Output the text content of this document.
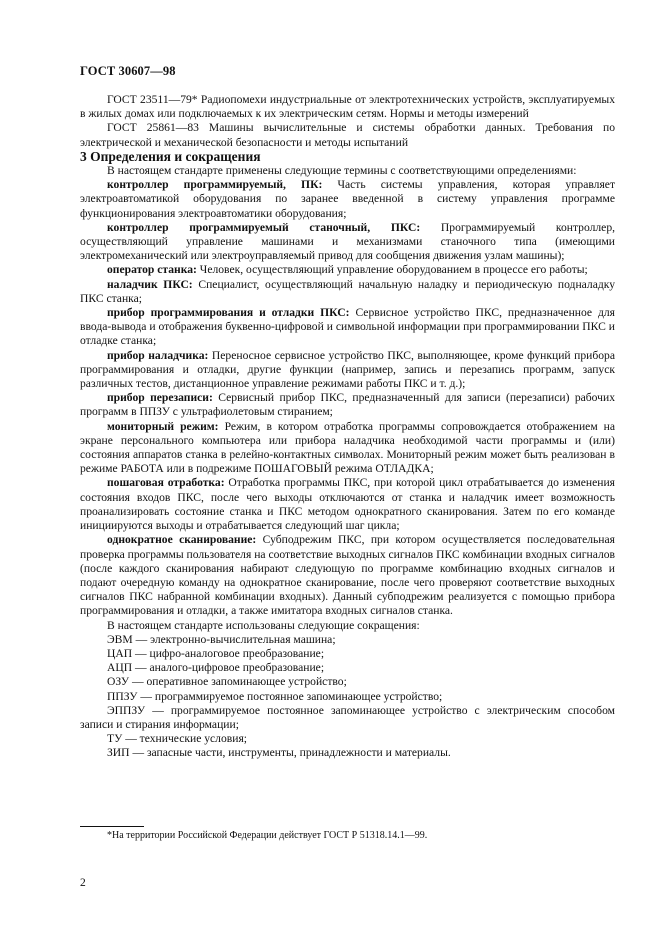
ГОСТ 30607—98

ГОСТ 23511—79* Радиопомехи индустриальные от электротехнических устройств, эксплуатируемых в жилых домах или подключаемых к их электрическим сетям. Нормы и методы измерений

ГОСТ 25861—83 Машины вычислительные и системы обработки данных. Требования по электрической и механической безопасности и методы испытаний

3 Определения и сокращения

В настоящем стандарте применены следующие термины с соответствующими определениями:

контроллер программируемый, ПК: Часть системы управления, которая управляет электроавтоматикой оборудования по заранее введенной в систему управления программе функционирования электроавтоматики оборудования;

контроллер программируемый станочный, ПКС: Программируемый контроллер, осуществляющий управление машинами и механизмами станочного типа (имеющими электромеханический или электроуправляемый привод для сообщения движения узлам машины);

оператор станка: Человек, осуществляющий управление оборудованием в процессе его работы;

наладчик ПКС: Специалист, осуществляющий начальную наладку и периодическую подналадку ПКС станка;

прибор программирования и отладки ПКС: Сервисное устройство ПКС, предназначенное для ввода-вывода и отображения буквенно-цифровой и символьной информации при программировании ПКС и отладке станка;

прибор наладчика: Переносное сервисное устройство ПКС, выполняющее, кроме функций прибора программирования и отладки, другие функции (например, запись и перезапись программ, запуск различных тестов, дистанционное управление режимами работы ПКС и т. д.);

прибор перезаписи: Сервисный прибор ПКС, предназначенный для записи (перезаписи) рабочих программ в ППЗУ с ультрафиолетовым стиранием;

мониторный режим: Режим, в котором отработка программы сопровождается отображением на экране персонального компьютера или прибора наладчика необходимой части программы и (или) состояния аппаратов станка в релейно-контактных символах. Мониторный режим может быть реализован в режиме РАБОТА или в подрежиме ПОШАГОВЫЙ режима ОТЛАДКА;

пошаговая отработка: Отработка программы ПКС, при которой цикл отрабатывается до изменения состояния входов ПКС, после чего выходы отключаются от станка и наладчик имеет возможность проанализировать состояние станка и ПКС методом однократного сканирования. Затем по его команде инициируются выходы и отрабатывается следующий шаг цикла;

однократное сканирование: Субподрежим ПКС, при котором осуществляется последовательная проверка программы пользователя на соответствие выходных сигналов ПКС комбинации входных сигналов (после каждого сканирования набирают следующую по программе комбинацию входных сигналов и подают очередную команду на однократное сканирование, после чего проверяют соответствие выходных сигналов ПКС набранной комбинации входных). Данный субподрежим реализуется с помощью прибора программирования и отладки, а также имитатора входных сигналов станка.

В настоящем стандарте использованы следующие сокращения:

ЭВМ — электронно-вычислительная машина;
ЦАП — цифро-аналоговое преобразование;
АЦП — аналого-цифровое преобразование;
ОЗУ — оперативное запоминающее устройство;
ППЗУ — программируемое постоянное запоминающее устройство;
ЭППЗУ — программируемое постоянное запоминающее устройство с электрическим способом записи и стирания информации;
ТУ — технические условия;
ЗИП — запасные части, инструменты, принадлежности и материалы.
*На территории Российской Федерации действует ГОСТ Р 51318.14.1—99.
2
